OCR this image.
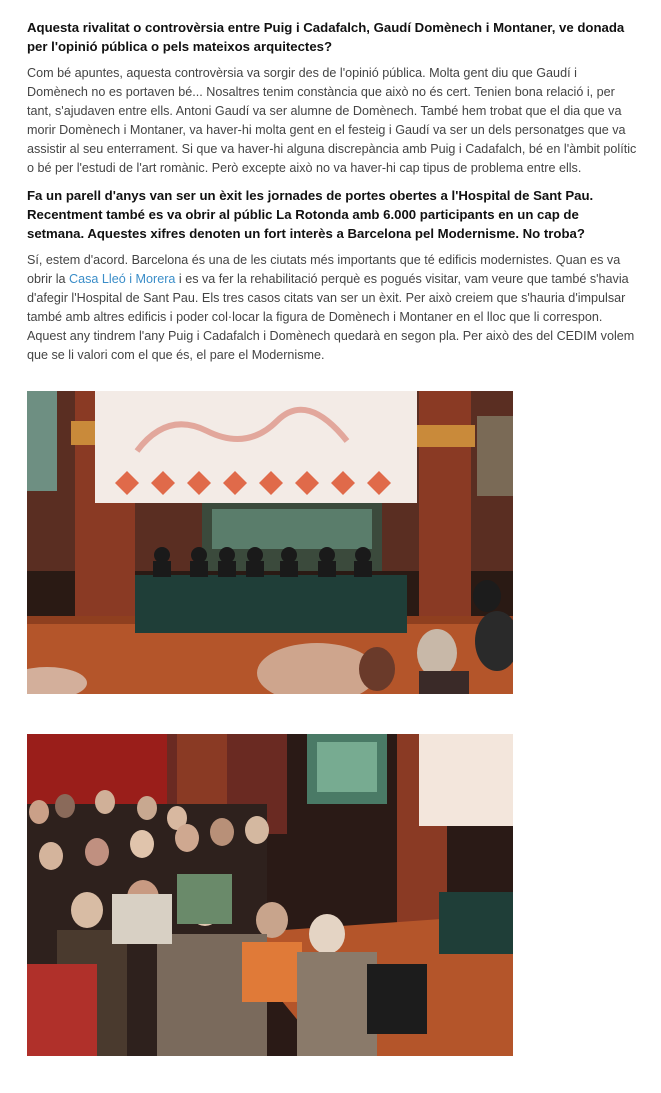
Aquesta rivalitat o controvèrsia entre Puig i Cadafalch, Gaudí Domènech i Montaner, ve donada per l'opinió pública o pels mateixos arquitectes?

Com bé apuntes, aquesta controvèrsia va sorgir des de l'opinió pública. Molta gent diu que Gaudí i Domènech no es portaven bé... Nosaltres tenim constància que això no és cert. Tenien bona relació i, per tant, s'ajudaven entre ells. Antoni Gaudí va ser alumne de Domènech. També hem trobat que el dia que va morir Domènech i Montaner, va haver-hi molta gent en el festeig i Gaudí va ser un dels personatges que va assistir al seu enterrament. Si que va haver-hi alguna discrepància amb Puig i Cadafalch, bé en l'àmbit polític o bé per l'estudi de l'art romànic. Però excepte això no va haver-hi cap tipus de problema entre ells.

Fa un parell d'anys van ser un èxit les jornades de portes obertes a l'Hospital de Sant Pau. Recentment també es va obrir al públic La Rotonda amb 6.000 participants en un cap de setmana. Aquestes xifres denoten un fort interès a Barcelona pel Modernisme. No troba?

Sí, estem d'acord. Barcelona és una de les ciutats més importants que té edificis modernistes. Quan es va obrir la Casa Lleó i Morera i es va fer la rehabilitació perquè es pogués visitar, vam veure que també s'havia d'afegir l'Hospital de Sant Pau. Els tres casos citats van ser un èxit. Per això creiem que s'hauria d'impulsar també amb altres edificis i poder col·locar la figura de Domènech i Montaner en el lloc que li correspon. Aquest any tindrem l'any Puig i Cadafalch i Domènech quedarà en segon pla. Per això des del CEDIM volem que se li valori com el que és, el pare el Modernisme.
